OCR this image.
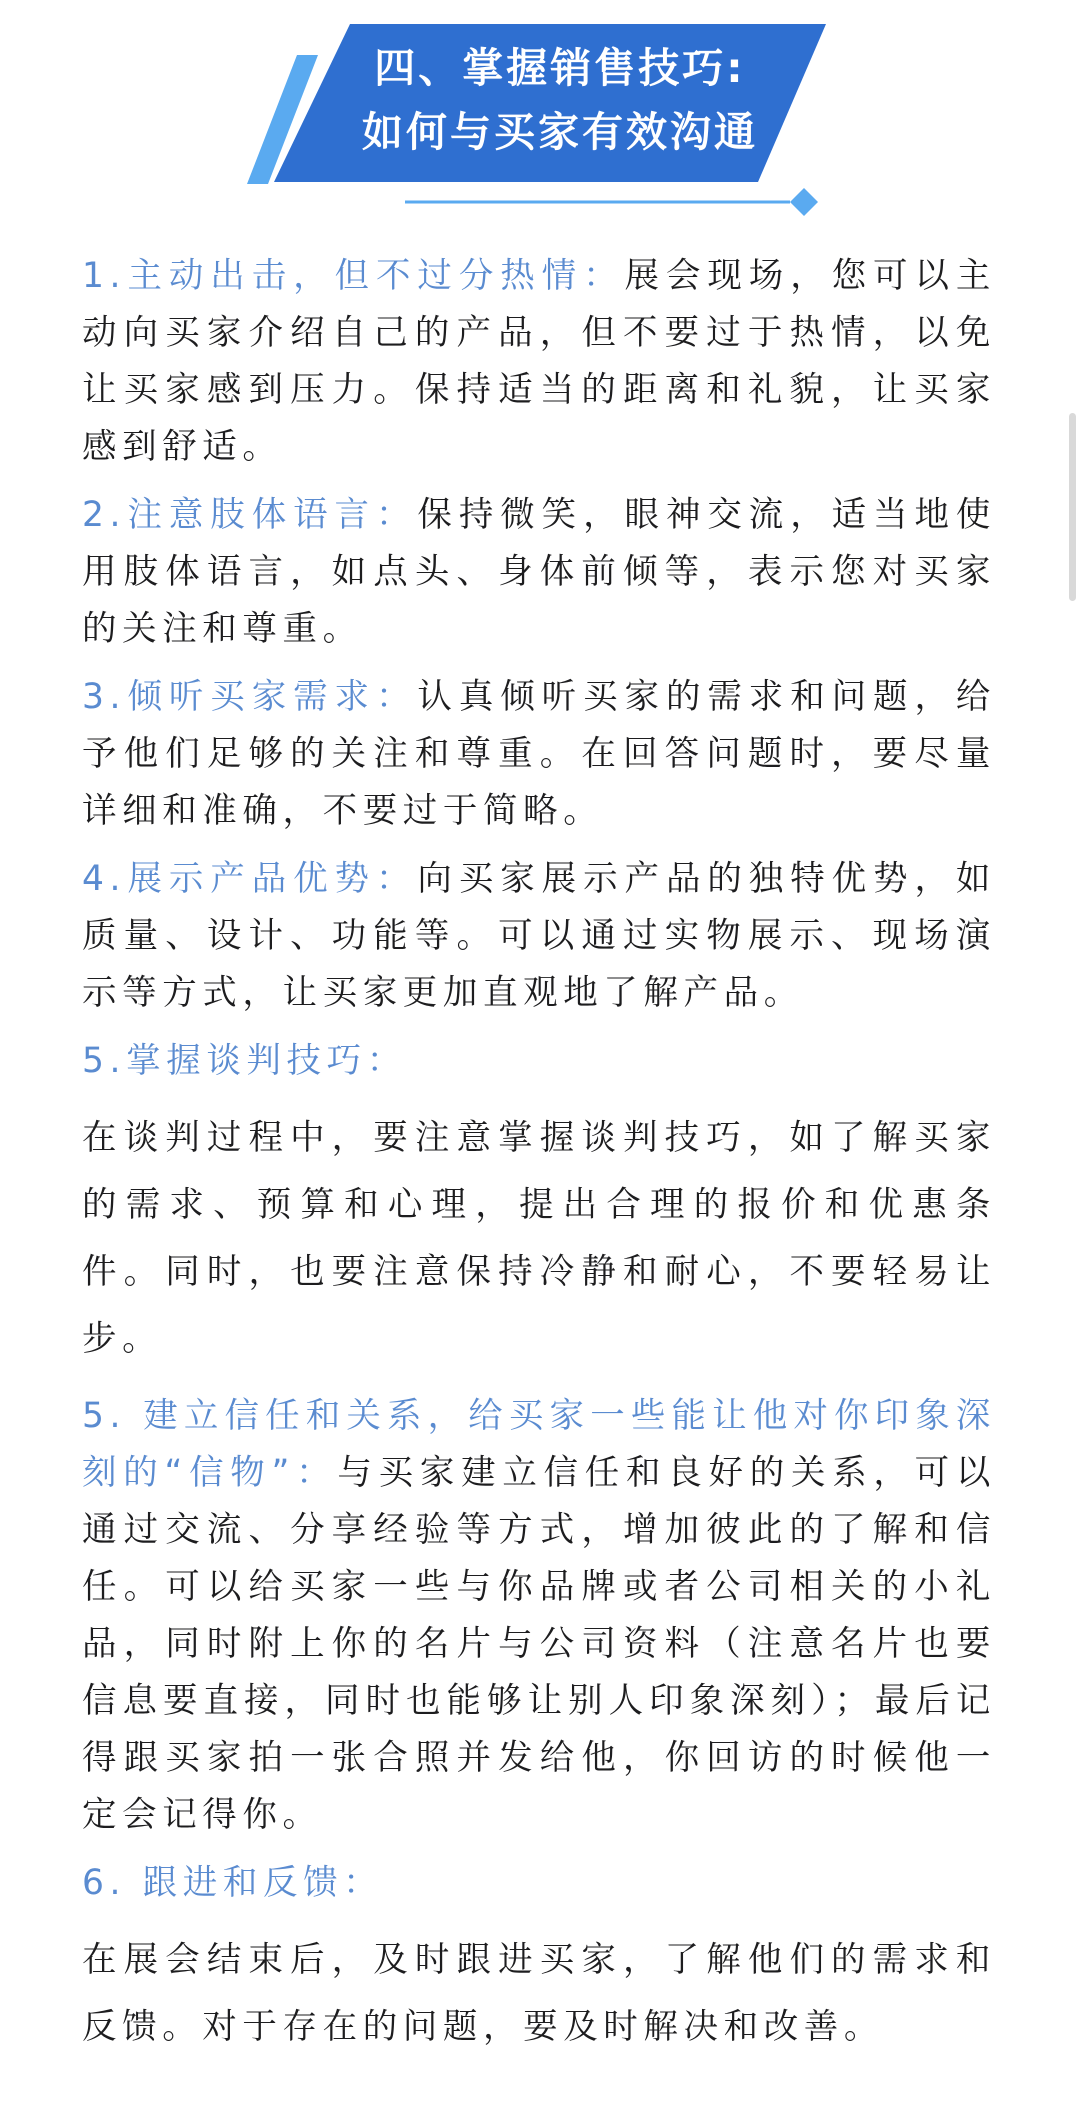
四、掌握销售技巧:
如何与买家有效沟通

1.主动出击，但不过分热情：展会现场，您可以主动向买家介绍自己的产品，但不要过于热情，以免让买家感到压力。保持适当的距离和礼貌，让买家感到舒适。

2.注意肢体语言：保持微笑，眼神交流，适当地使用肢体语言，如点头、身体前倾等，表示您对买家的关注和尊重。

3.倾听买家需求：认真倾听买家的需求和问题，给予他们足够的关注和尊重。在回答问题时，要尽量详细和准确，不要过于简略。

4.展示产品优势：向买家展示产品的独特优势，如质量、设计、功能等。可以通过实物展示、现场演示等方式，让买家更加直观地了解产品。

5.掌握谈判技巧：

在谈判过程中，要注意掌握谈判技巧，如了解买家的需求、预算和心理，提出合理的报价和优惠条件。同时，也要注意保持冷静和耐心，不要轻易让步。

5. 建立信任和关系，给买家一些能让他对你印象深刻的“信物”：与买家建立信任和良好的关系，可以通过交流、分享经验等方式，增加彼此的了解和信任。可以给买家一些与你品牌或者公司相关的小礼品，同时附上你的名片与公司资料（注意名片也要信息要直接，同时也能够让别人印象深刻）；最后记得跟买家拍一张合照并发给他，你回访的时候他一定会记得你。

6. 跟进和反馈：

在展会结束后，及时跟进买家，了解他们的需求和反馈。对于存在的问题，要及时解决和改善。
